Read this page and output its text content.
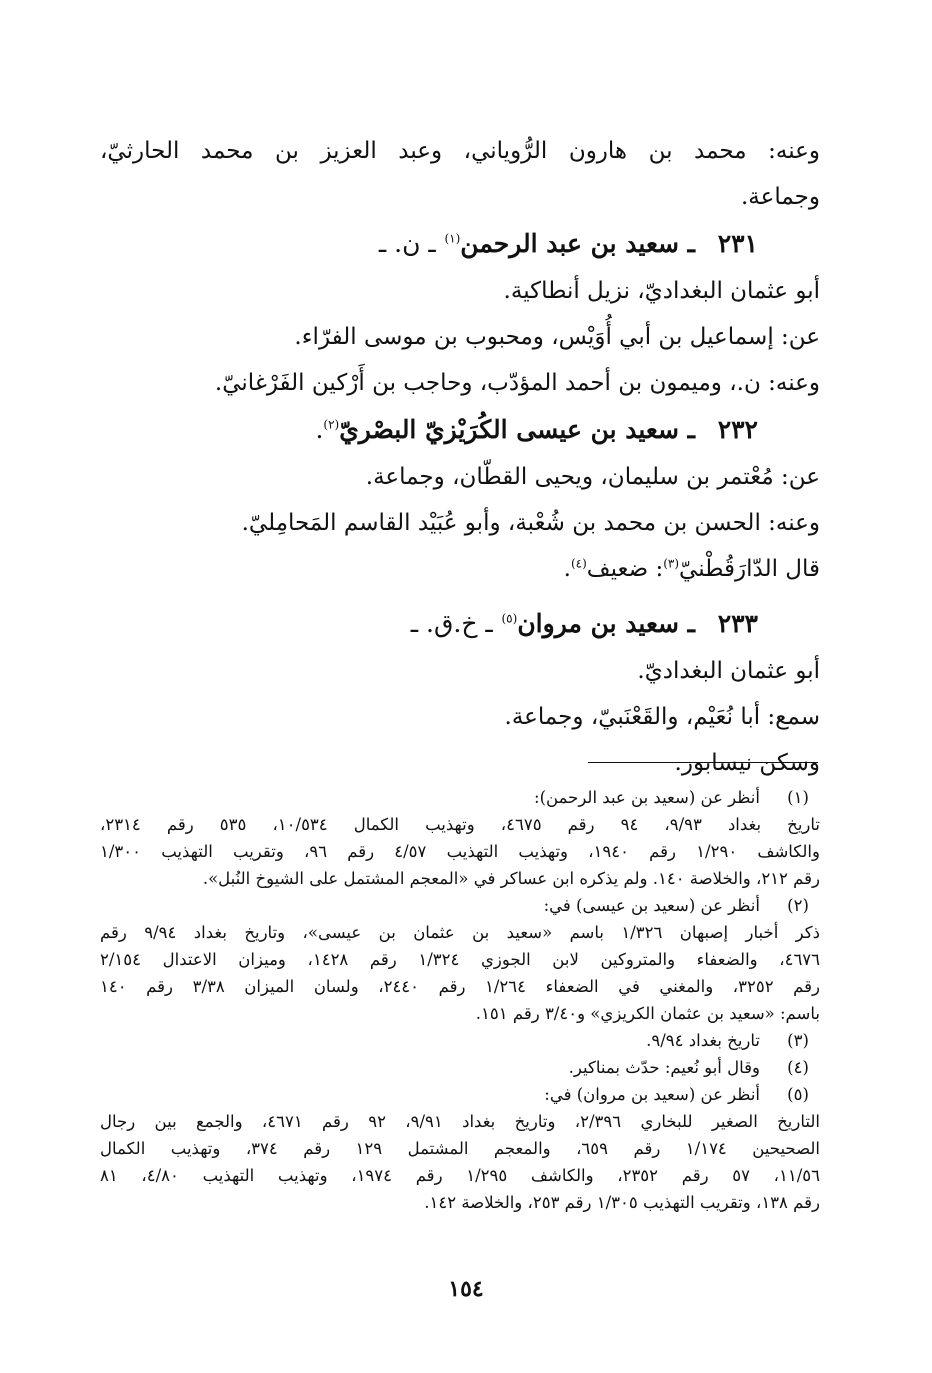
وعنه: محمد بن هارون الرُّوياني، وعبد العزيز بن محمد الحارثيّ،

وجماعة.

٢٣١ ـ سعيد بن عبد الرحمن$^{(١)}$ ـ ن. ـ

أبو عثمان البغداديّ، نزيل أنطاكية.

عن: إسماعيل بن أبي أُوَيْس، ومحبوب بن موسى الفرّاء.

وعنه: ن.، وميمون بن أحمد المؤدّب، وحاجب بن أَرْكين الفَرْغانيّ.

٢٣٢ ـ سعيد بن عيسى الكُرَيْزيّ البصْريّ$^{(٢)}$.

عن: مُعْتمر بن سليمان، ويحيى القطّان، وجماعة.

وعنه: الحسن بن محمد بن شُعْبة، وأبو عُبَيْد القاسم المَحامِليّ.

قال الدّارَقُطْنيّ$^{(٣)}$: ضعيف$^{(٤)}$.

٢٣٣ ـ سعيد بن مروان$^{(٥)}$ ـ خ.ق. ـ

أبو عثمان البغداديّ.

سمع: أبا نُعَيْم، والقَعْنَبيّ، وجماعة.

وسكن نيسابور.

(١)
أنظر عن (سعيد بن عبد الرحمن):

تاريخ بغداد ٩/٩٣، ٩٤ رقم ٤٦٧٥، وتهذيب الكمال ١٠/٥٣٤، ٥٣٥ رقم ٢٣١٤،

والكاشف ١/٢٩٠ رقم ١٩٤٠، وتهذيب التهذيب ٤/٥٧ رقم ٩٦، وتقريب التهذيب ١/٣٠٠

رقم ٢١٢، والخلاصة ١٤٠. ولم يذكره ابن عساكر في «المعجم المشتمل على الشيوخ النُبل».

(٢)
أنظر عن (سعيد بن عيسى) في:

ذكر أخبار إصبهان ١/٣٢٦ باسم «سعيد بن عثمان بن عيسى»، وتاريخ بغداد ٩/٩٤ رقم

٤٦٧٦، والضعفاء والمتروكين لابن الجوزي ١/٣٢٤ رقم ١٤٢٨، وميزان الاعتدال ٢/١٥٤

رقم ٣٢٥٢، والمغني في الضعفاء ١/٢٦٤ رقم ٢٤٤٠، ولسان الميزان ٣/٣٨ رقم ١٤٠

باسم: «سعيد بن عثمان الكريزي» و٣/٤٠ رقم ١٥١.

(٣)
تاريخ بغداد ٩/٩٤.

(٤)
وقال أبو نُعيم: حدّث بمناكير.

(٥)
أنظر عن (سعيد بن مروان) في:

التاريخ الصغير للبخاري ٢/٣٩٦، وتاريخ بغداد ٩/٩١، ٩٢ رقم ٤٦٧١، والجمع بين رجال

الصحيحين ١/١٧٤ رقم ٦٥٩، والمعجم المشتمل ١٢٩ رقم ٣٧٤، وتهذيب الكمال

١١/٥٦، ٥٧ رقم ٢٣٥٢، والكاشف ١/٢٩٥ رقم ١٩٧٤، وتهذيب التهذيب ٤/٨٠، ٨١

رقم ١٣٨، وتقريب التهذيب ١/٣٠٥ رقم ٢٥٣، والخلاصة ١٤٢.

١٥٤
